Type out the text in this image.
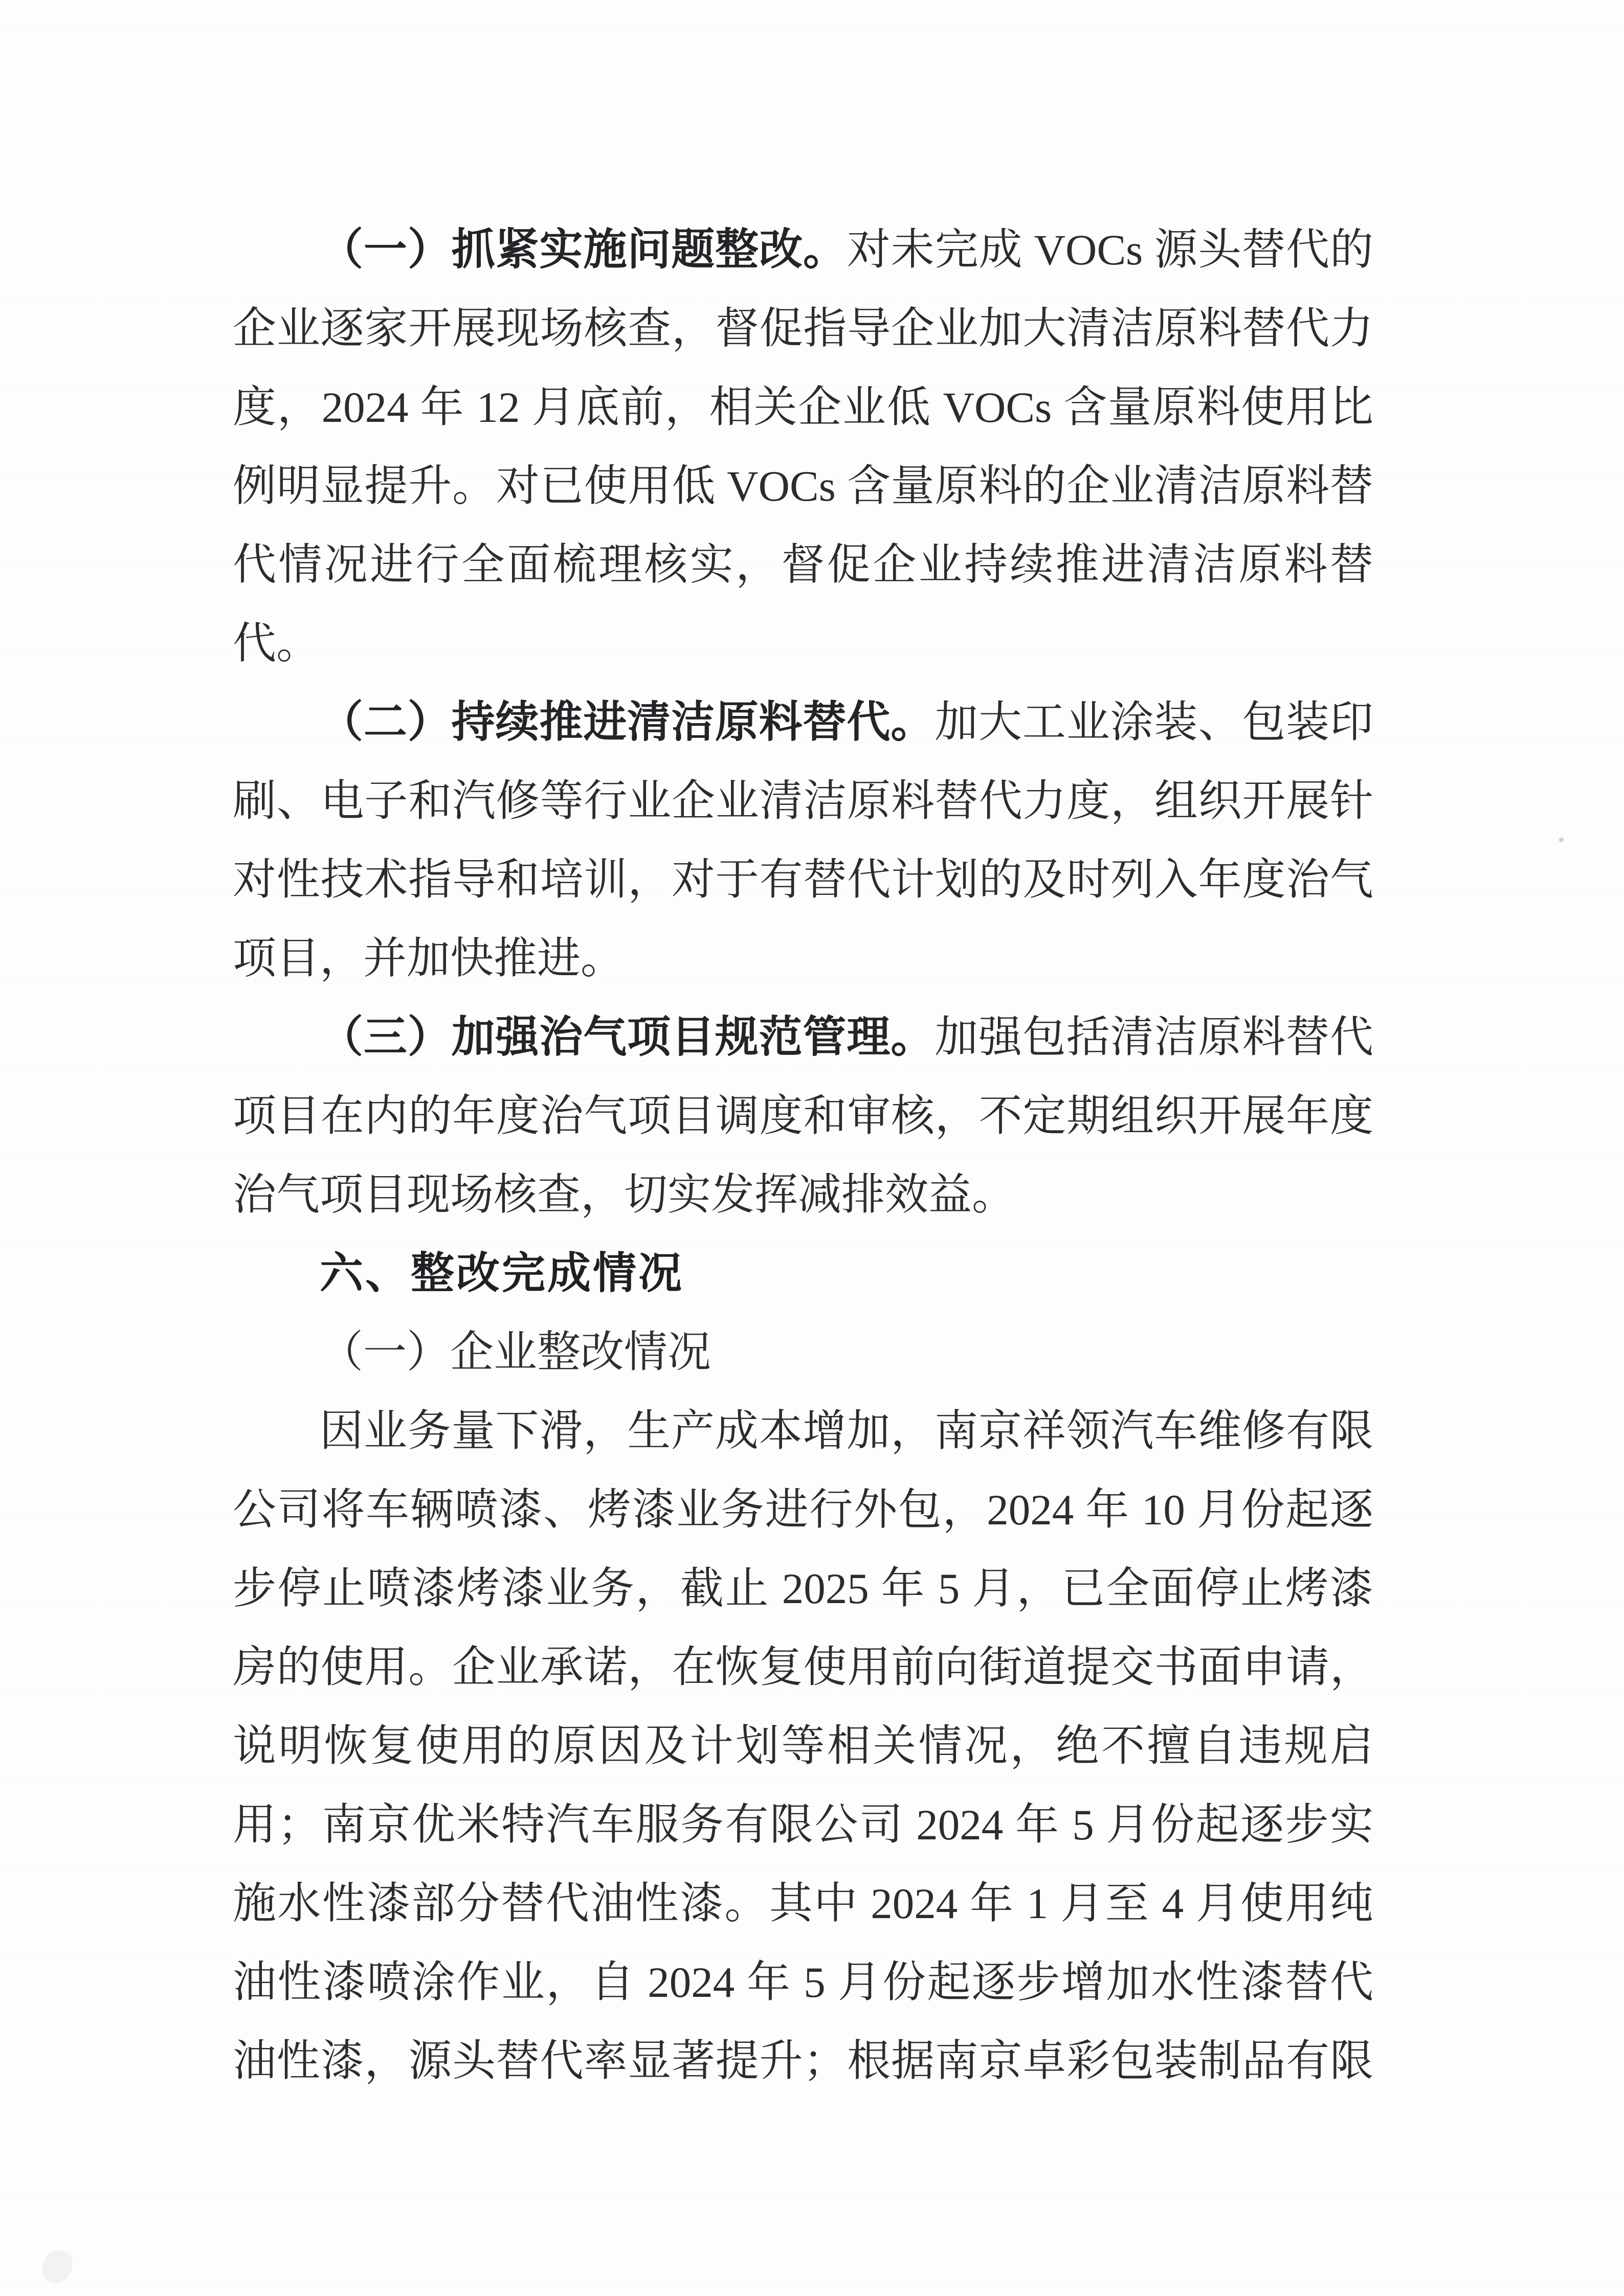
（一）抓紧实施问题整改。对未完成 VOCs 源头替代的
企业逐家开展现场核查，督促指导企业加大清洁原料替代力
度，2024 年 12 月底前，相关企业低 VOCs 含量原料使用比
例明显提升。对已使用低 VOCs 含量原料的企业清洁原料替
代情况进行全面梳理核实，督促企业持续推进清洁原料替
代。
（二）持续推进清洁原料替代。加大工业涂装、包装印
刷、电子和汽修等行业企业清洁原料替代力度，组织开展针
对性技术指导和培训，对于有替代计划的及时列入年度治气
项目，并加快推进。
（三）加强治气项目规范管理。加强包括清洁原料替代
项目在内的年度治气项目调度和审核，不定期组织开展年度
治气项目现场核查，切实发挥减排效益。
六、整改完成情况
（一）企业整改情况
因业务量下滑，生产成本增加，南京祥领汽车维修有限
公司将车辆喷漆、烤漆业务进行外包，2024 年 10 月份起逐
步停止喷漆烤漆业务，截止 2025 年 5 月，已全面停止烤漆
房的使用。企业承诺，在恢复使用前向街道提交书面申请，
说明恢复使用的原因及计划等相关情况，绝不擅自违规启
用；南京优米特汽车服务有限公司 2024 年 5 月份起逐步实
施水性漆部分替代油性漆。其中 2024 年 1 月至 4 月使用纯
油性漆喷涂作业，自 2024 年 5 月份起逐步增加水性漆替代
油性漆，源头替代率显著提升；根据南京卓彩包装制品有限
